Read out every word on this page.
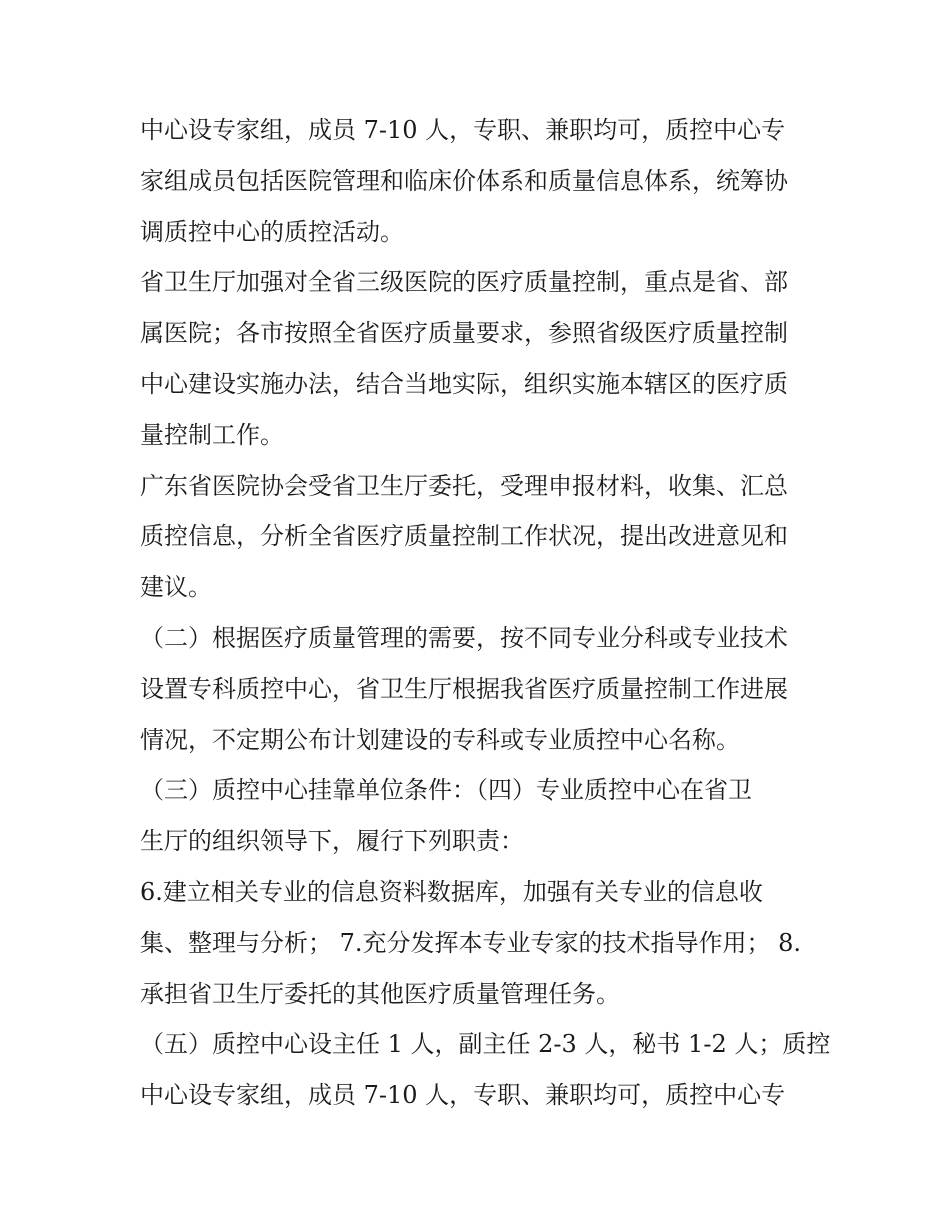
中心设专家组，成员 7-10 人，专职、兼职均可，质控中心专
家组成员包括医院管理和临床价体系和质量信息体系，统筹协
调质控中心的质控活动。
省卫生厅加强对全省三级医院的医疗质量控制，重点是省、部
属医院；各市按照全省医疗质量要求，参照省级医疗质量控制
中心建设实施办法，结合当地实际，组织实施本辖区的医疗质
量控制工作。
广东省医院协会受省卫生厅委托，受理申报材料，收集、汇总
质控信息，分析全省医疗质量控制工作状况，提出改进意见和
建议。
（二）根据医疗质量管理的需要，按不同专业分科或专业技术
设置专科质控中心，省卫生厅根据我省医疗质量控制工作进展
情况，不定期公布计划建设的专科或专业质控中心名称。
（三）质控中心挂靠单位条件：（四）专业质控中心在省卫
生厅的组织领导下，履行下列职责：
6.建立相关专业的信息资料数据库，加强有关专业的信息收
集、整理与分析； 7.充分发挥本专业专家的技术指导作用； 8.
承担省卫生厅委托的其他医疗质量管理任务。
（五）质控中心设主任 1 人，副主任 2-3 人，秘书 1-2 人；质控
中心设专家组，成员 7-10 人，专职、兼职均可，质控中心专
